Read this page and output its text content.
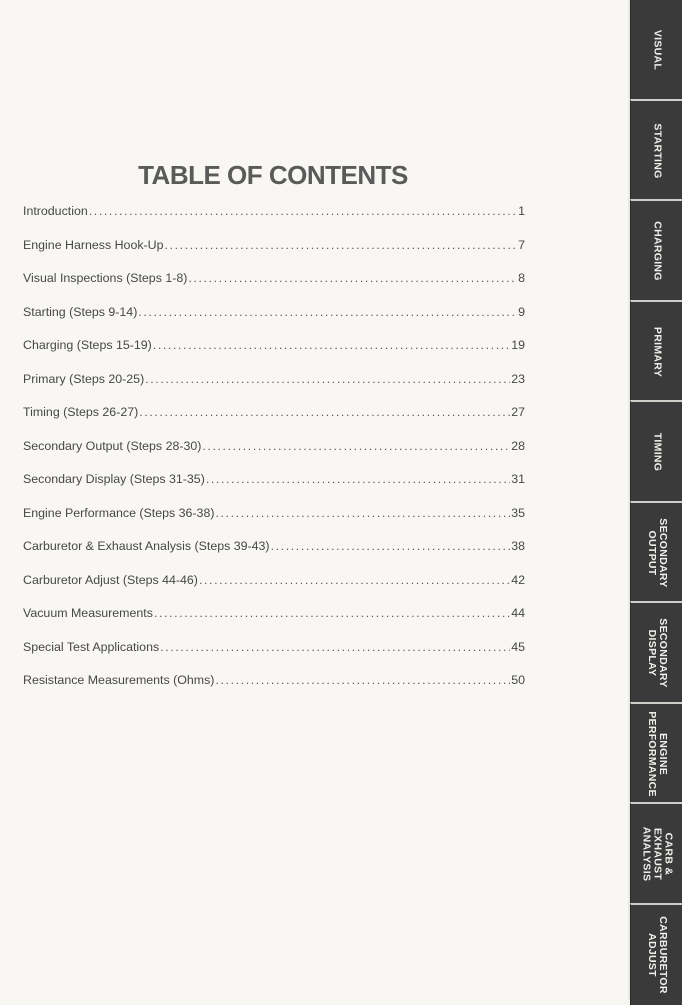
TABLE OF CONTENTS
Introduction .....	1
Engine Harness Hook-Up .....	7
Visual Inspections (Steps 1-8) .....	8
Starting (Steps 9-14) .....	9
Charging (Steps 15-19) .....	19
Primary (Steps 20-25) .....	23
Timing (Steps 26-27) .....	27
Secondary Output (Steps 28-30) .....	28
Secondary Display (Steps 31-35) .....	31
Engine Performance (Steps 36-38) .....	35
Carburetor & Exhaust Analysis (Steps 39-43) .....	38
Carburetor Adjust (Steps 44-46) .....	42
Vacuum Measurements .....	44
Special Test Applications .....	45
Resistance Measurements (Ohms) .....	50
VISUAL
STARTING
CHARGING
PRIMARY
TIMING
SECONDARY
OUTPUT
SECONDARY
DISPLAY
ENGINE
PERFORMANCE
CARB & EXHAUST
ANALYSIS
CARBURETOR
ADJUST
